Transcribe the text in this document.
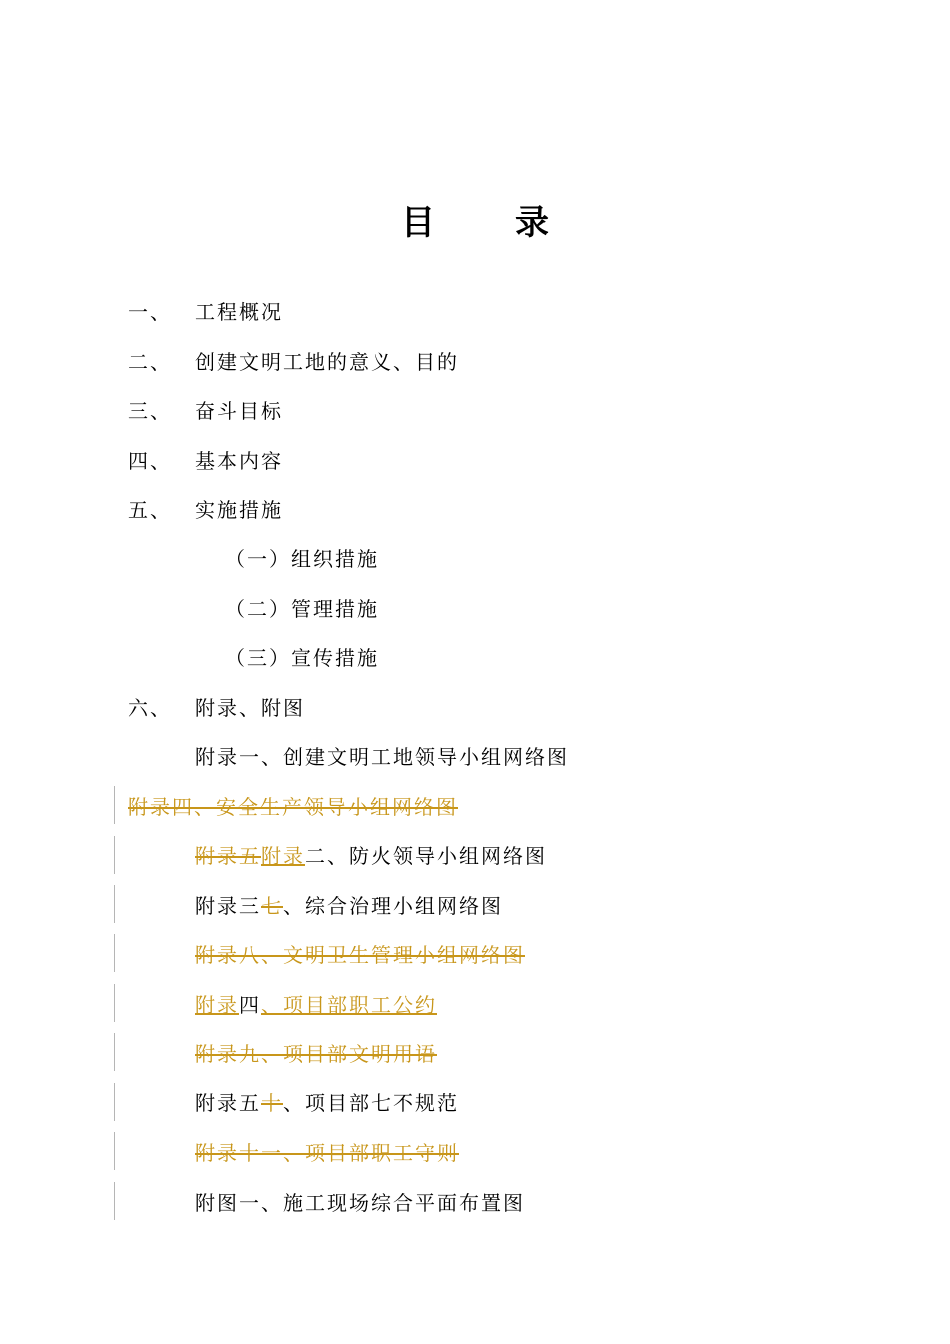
目录
一、 工程概况
二、 创建文明工地的意义、目的
三、 奋斗目标
四、 基本内容
五、 实施措施
（一）组织措施
（二）管理措施
（三）宣传措施
六、 附录、附图
附录一、创建文明工地领导小组网络图
附录四、安全生产领导小组网络图
附录五附录二、防火领导小组网络图
附录三七、综合治理小组网络图
附录八、文明卫生管理小组网络图
附录四、项目部职工公约
附录九、项目部文明用语
附录五十、项目部七不规范
附录十一、项目部职工守则
附图一、施工现场综合平面布置图
